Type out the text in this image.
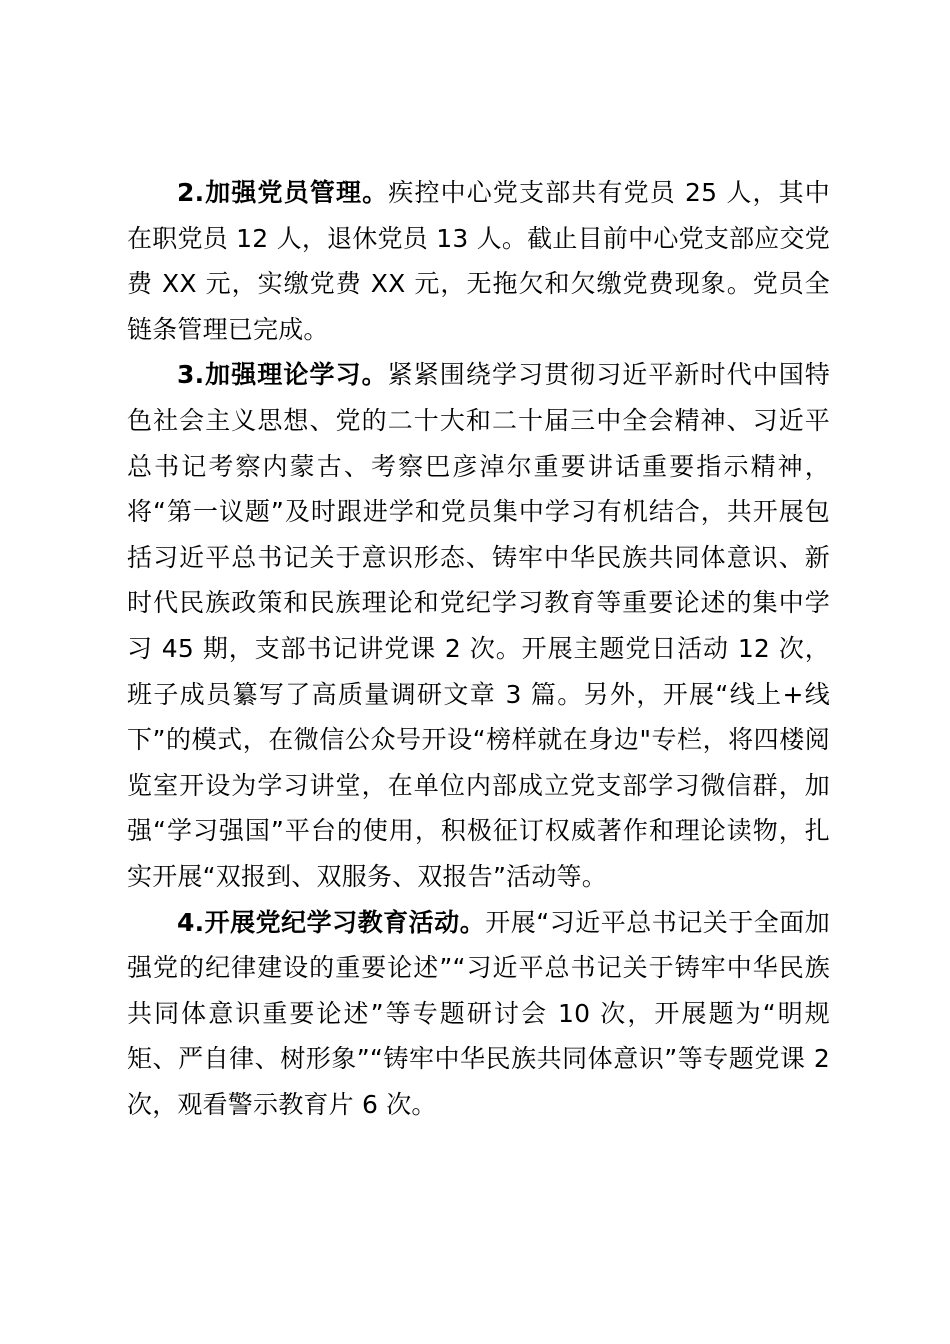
2.加强党员管理。疾控中心党支部共有党员 25 人，其中在职党员 12 人，退休党员 13 人。截止目前中心党支部应交党费 XX 元，实缴党费 XX 元，无拖欠和欠缴党费现象。党员全链条管理已完成。

3.加强理论学习。紧紧围绕学习贯彻习近平新时代中国特色社会主义思想、党的二十大和二十届三中全会精神、习近平总书记考察内蒙古、考察巴彦淖尔重要讲话重要指示精神，将“第一议题”及时跟进学和党员集中学习有机结合，共开展包括习近平总书记关于意识形态、铸牢中华民族共同体意识、新时代民族政策和民族理论和党纪学习教育等重要论述的集中学习 45 期，支部书记讲党课 2 次。开展主题党日活动 12 次，班子成员纂写了高质量调研文章 3 篇。另外，开展“线上+线下”的模式，在微信公众号开设“榜样就在身边"专栏，将四楼阅览室开设为学习讲堂，在单位内部成立党支部学习微信群，加强“学习强国”平台的使用，积极征订权威著作和理论读物，扎实开展“双报到、双服务、双报告”活动等。

4.开展党纪学习教育活动。开展“习近平总书记关于全面加强党的纪律建设的重要论述”“习近平总书记关于铸牢中华民族共同体意识重要论述”等专题研讨会 10 次，开展题为“明规矩、严自律、树形象”“铸牢中华民族共同体意识”等专题党课 2 次，观看警示教育片 6 次。
